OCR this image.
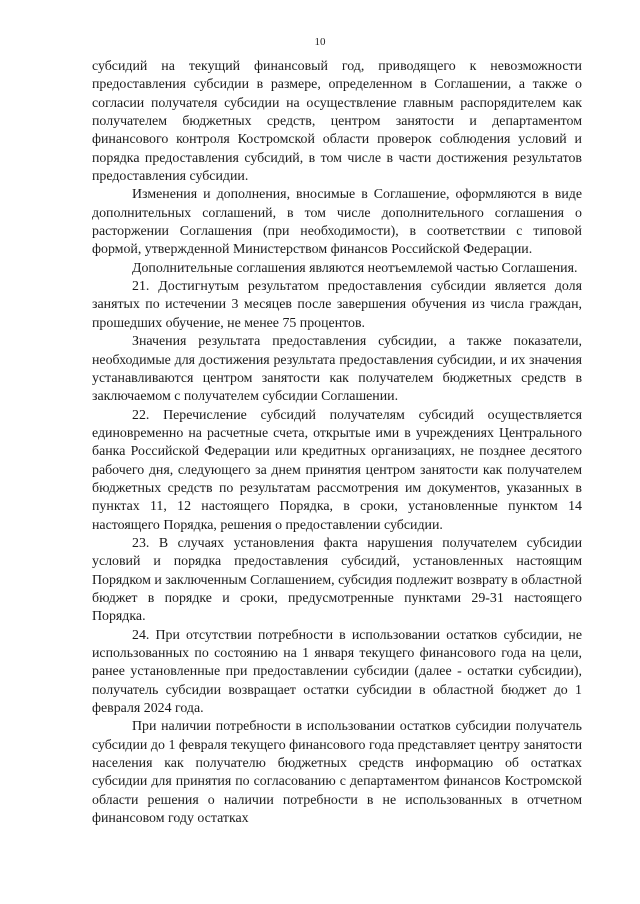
10

субсидий на текущий финансовый год, приводящего к невозможности предоставления субсидии в размере, определенном в Соглашении, а также о согласии получателя субсидии на осуществление главным распорядителем как получателем бюджетных средств, центром занятости и департаментом финансового контроля Костромской области проверок соблюдения условий и порядка предоставления субсидий, в том числе в части достижения результатов предоставления субсидии.

Изменения и дополнения, вносимые в Соглашение, оформляются в виде дополнительных соглашений, в том числе дополнительного соглашения о расторжении Соглашения (при необходимости), в соответствии с типовой формой, утвержденной Министерством финансов Российской Федерации.

Дополнительные соглашения являются неотъемлемой частью Соглашения.

21. Достигнутым результатом предоставления субсидии является доля занятых по истечении 3 месяцев после завершения обучения из числа граждан, прошедших обучение, не менее 75 процентов.

Значения результата предоставления субсидии, а также показатели, необходимые для достижения результата предоставления субсидии, и их значения устанавливаются центром занятости как получателем бюджетных средств в заключаемом с получателем субсидии Соглашении.

22. Перечисление субсидий получателям субсидий осуществляется единовременно на расчетные счета, открытые ими в учреждениях Центрального банка Российской Федерации или кредитных организациях, не позднее десятого рабочего дня, следующего за днем принятия центром занятости как получателем бюджетных средств по результатам рассмотрения им документов, указанных в пунктах 11, 12 настоящего Порядка, в сроки, установленные пунктом 14 настоящего Порядка, решения о предоставлении субсидии.

23. В случаях установления факта нарушения получателем субсидии условий и порядка предоставления субсидий, установленных настоящим Порядком и заключенным Соглашением, субсидия подлежит возврату в областной бюджет в порядке и сроки, предусмотренные пунктами 29-31 настоящего Порядка.

24. При отсутствии потребности в использовании остатков субсидии, не использованных по состоянию на 1 января текущего финансового года на цели, ранее установленные при предоставлении субсидии (далее - остатки субсидии), получатель субсидии возвращает остатки субсидии в областной бюджет до 1 февраля 2024 года.

При наличии потребности в использовании остатков субсидии получатель субсидии до 1 февраля текущего финансового года представляет центру занятости населения как получателю бюджетных средств информацию об остатках субсидии для принятия по согласованию с департаментом финансов Костромской области решения о наличии потребности в не использованных в отчетном финансовом году остатках
